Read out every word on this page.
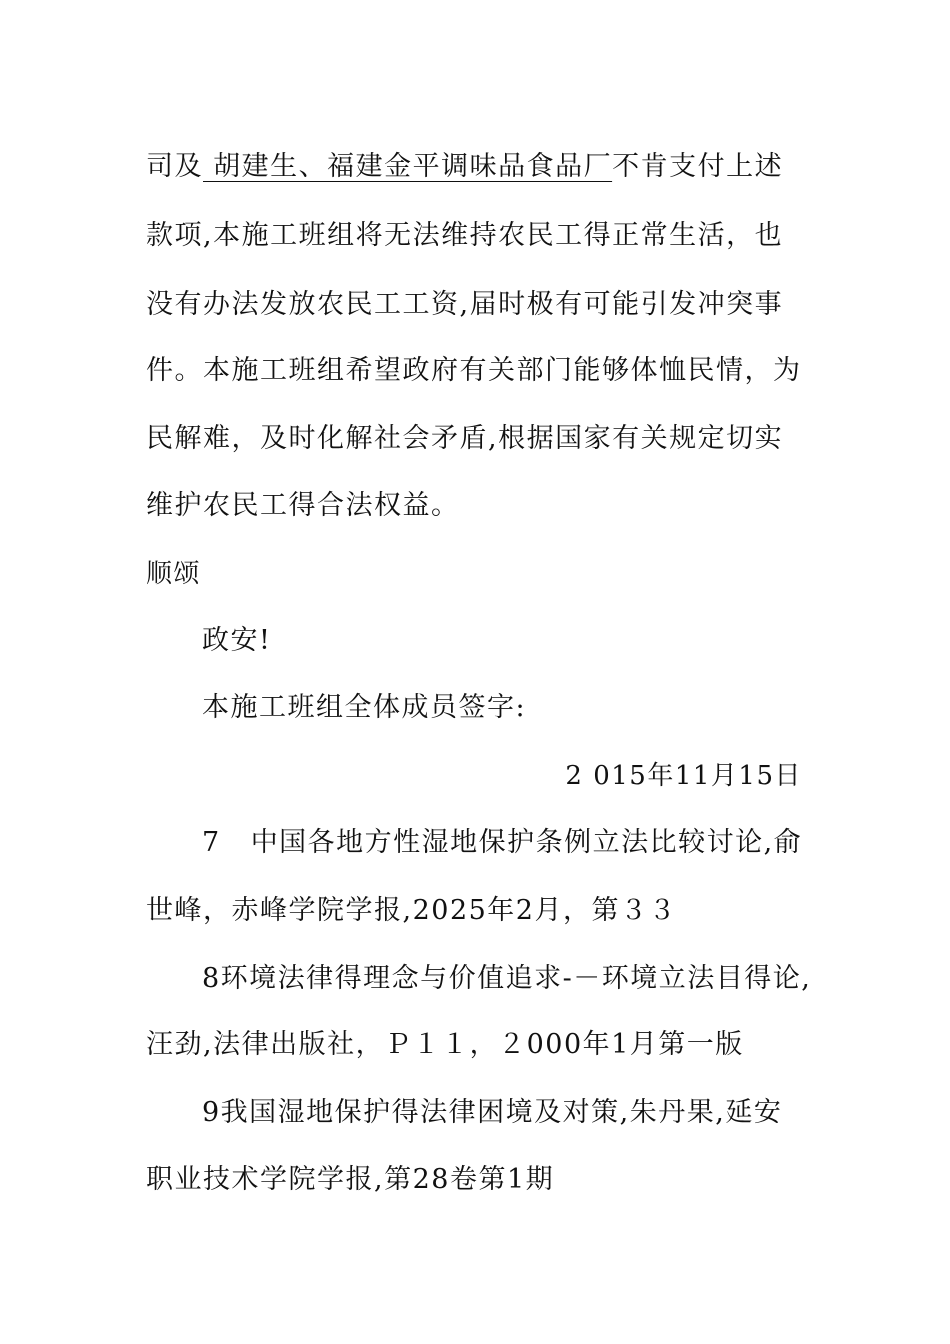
司及 胡建生、福建金平调味品食品厂不肯支付上述
款项,本施工班组将无法维持农民工得正常生活，也
没有办法发放农民工工资,届时极有可能引发冲突事
件。本施工班组希望政府有关部门能够体恤民情，为
民解难，及时化解社会矛盾,根据国家有关规定切实
维护农民工得合法权益。
顺颂
政安!
本施工班组全体成员签字:
2 015年11月15日
7 中国各地方性湿地保护条例立法比较讨论,俞
世峰，赤峰学院学报,2025年2月，第３３
8环境法律得理念与价值追求-－环境立法目得论,
汪劲,法律出版社，Ｐ１１，２000年1月第一版
9我国湿地保护得法律困境及对策,朱丹果,延安
职业技术学院学报,第28卷第1期
